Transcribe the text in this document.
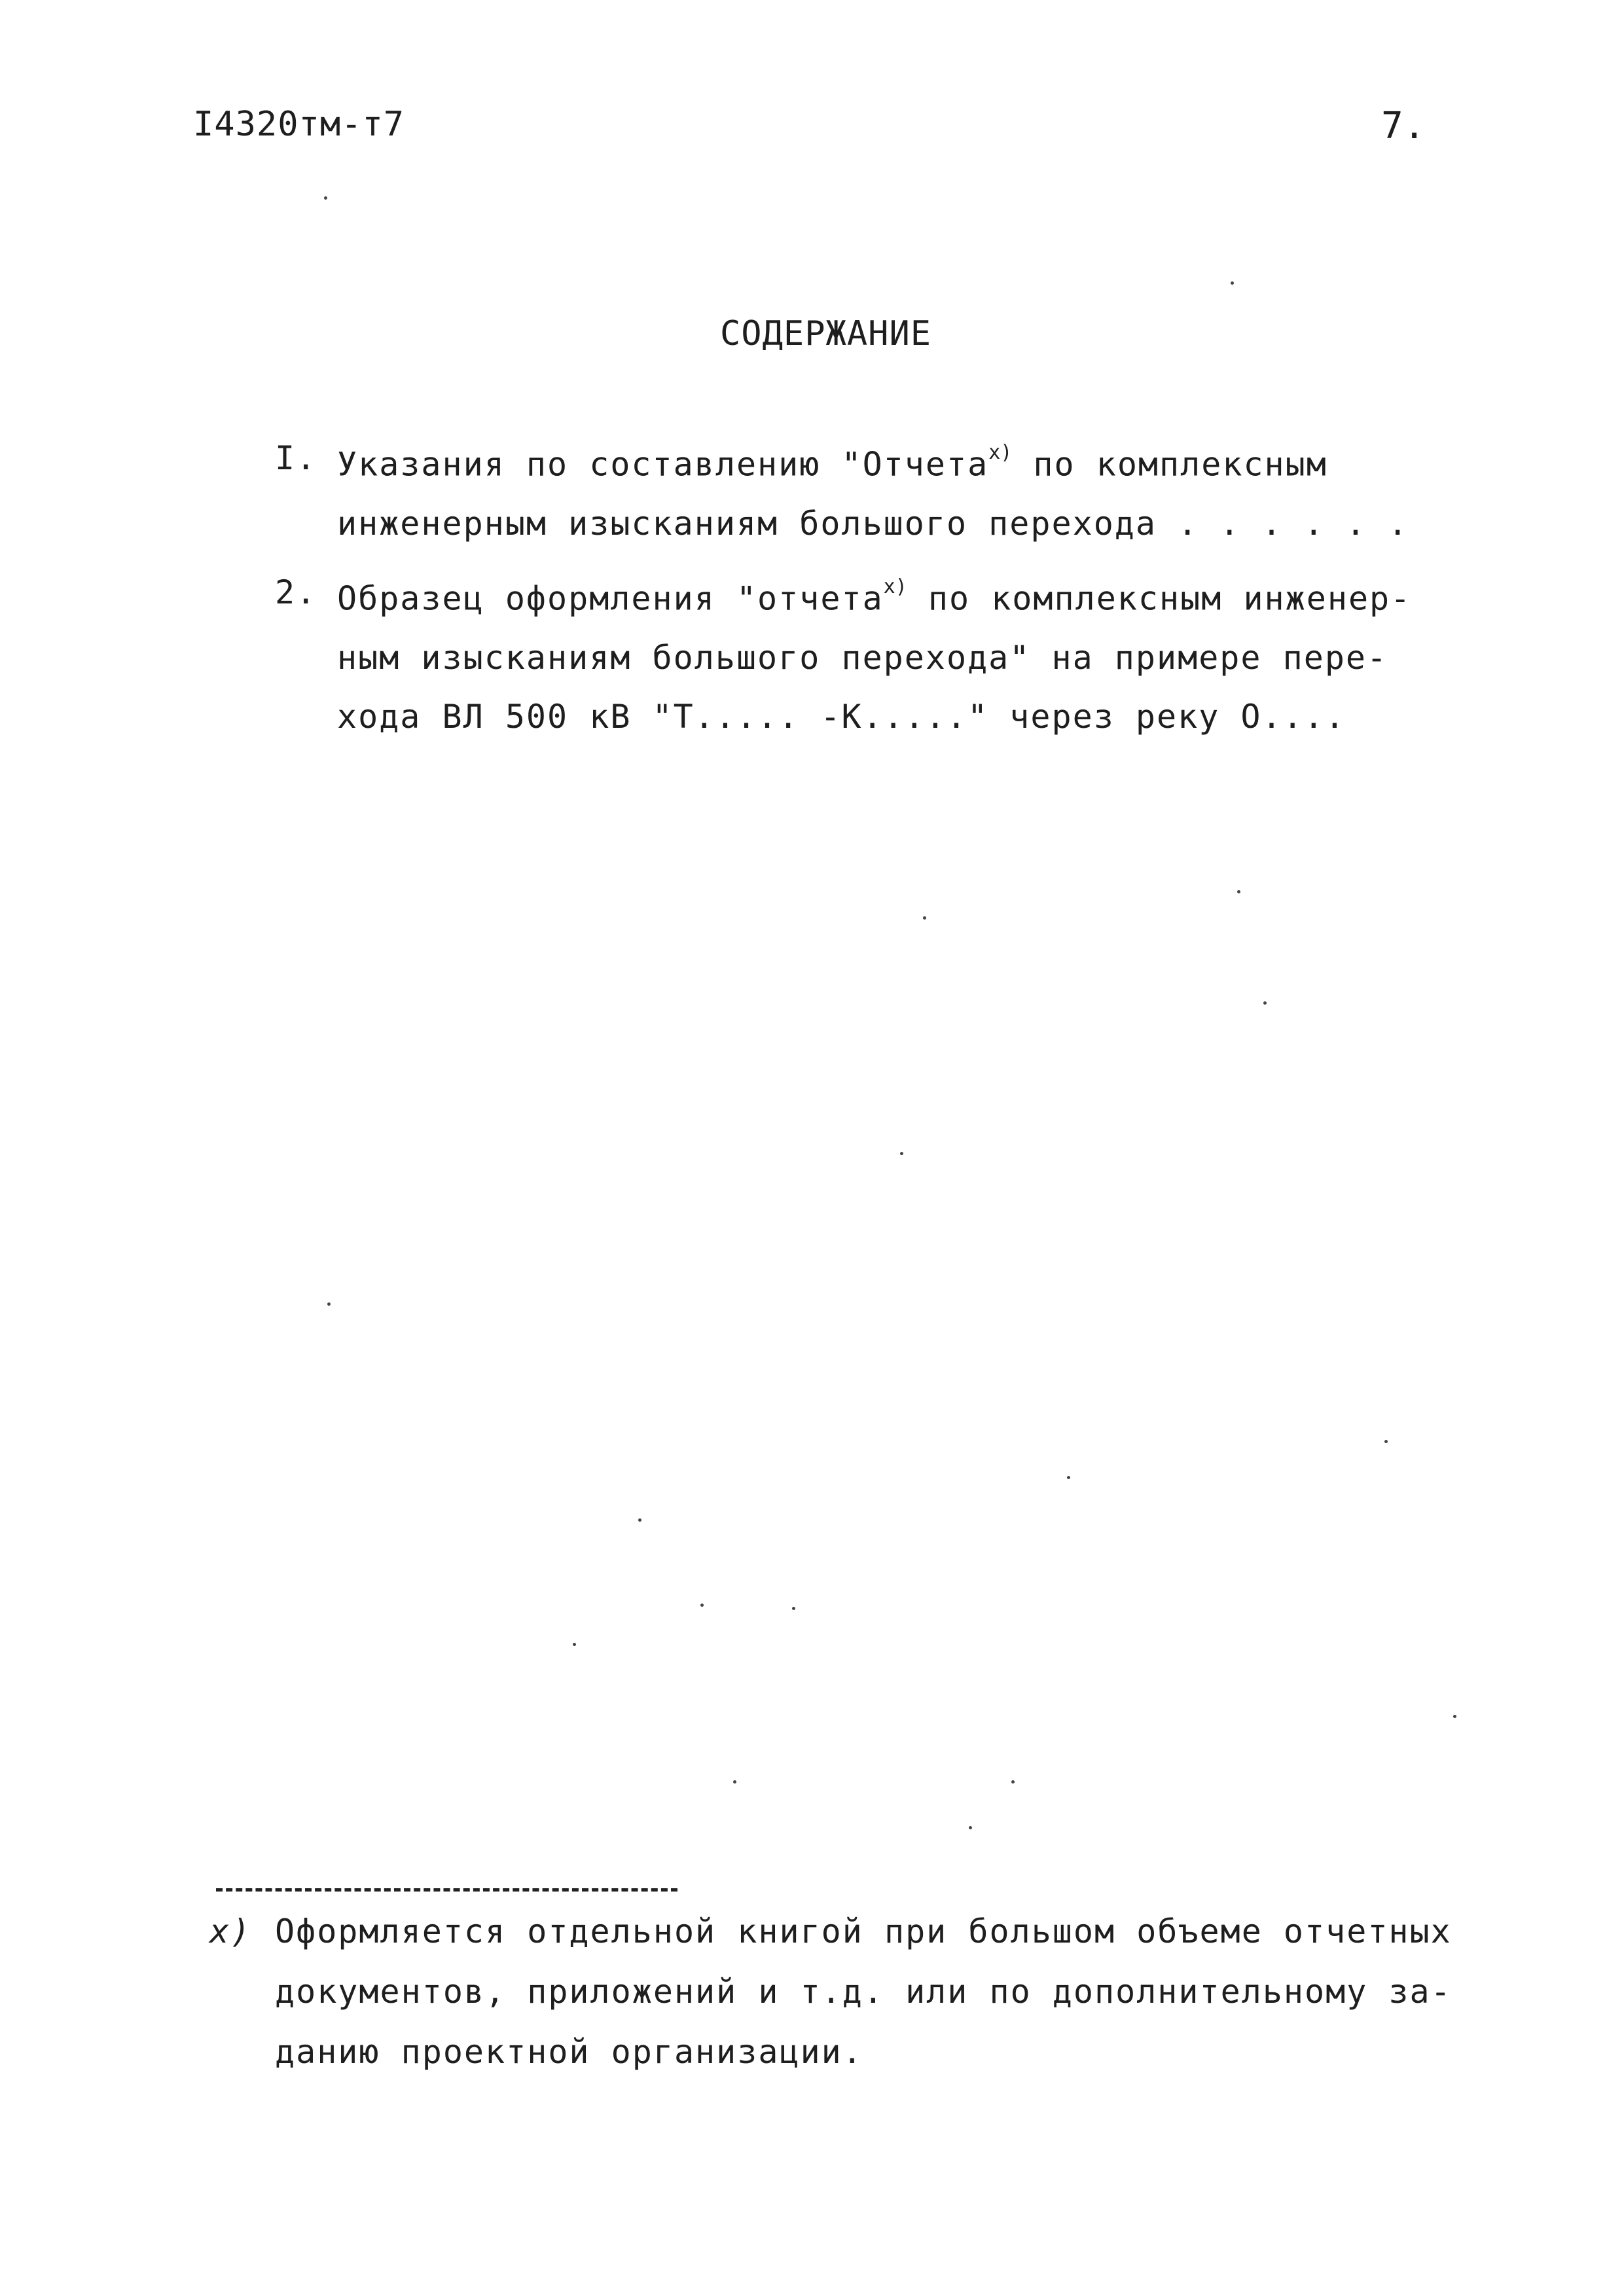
I4320тм-т7	7.
СОДЕРЖАНИЕ
I. Указания по составлению "Отчета$^{x)}$ по комплексным
инженерным изысканиям большого перехода . . . . . .
2. Образец оформления "отчета$^{x)}$ по комплексным инженер-
ным изысканиям большого перехода" на примере пере-
хода ВЛ 500 кВ "Т..... -К....." через реку О....
x) Оформляется отдельной книгой при большом объеме отчетных
документов, приложений и т.д. или по дополнительному за-
данию проектной организации.
